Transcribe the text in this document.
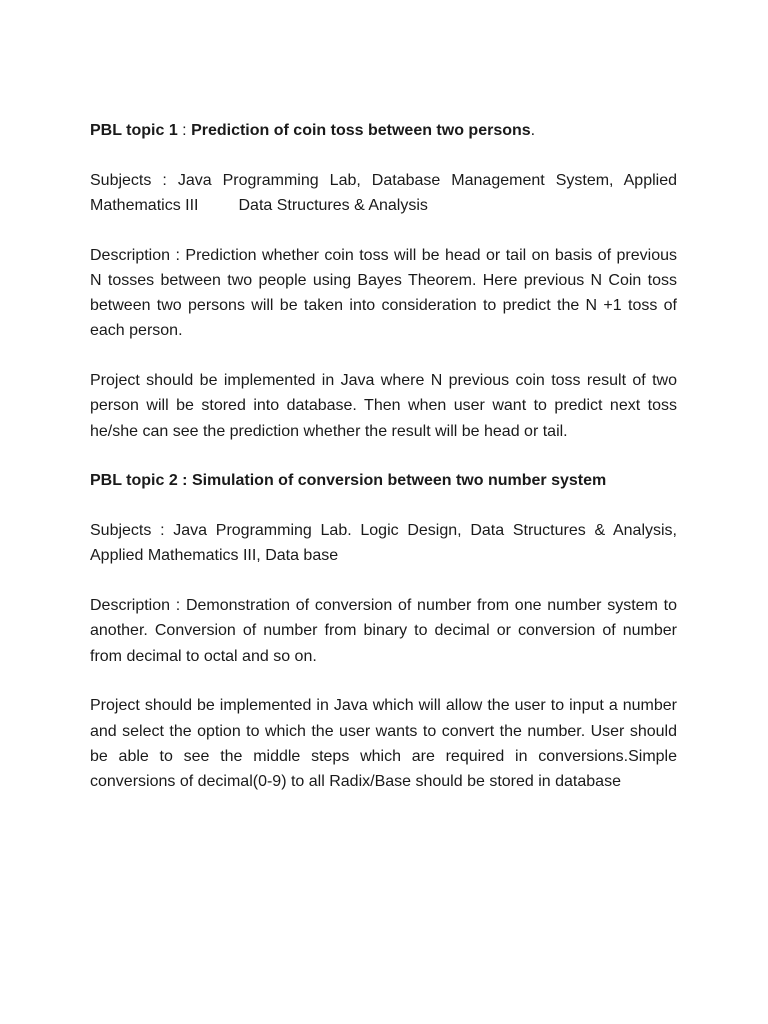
PBL topic 1 : Prediction of coin toss between two persons.

Subjects : Java Programming Lab, Database Management System, Applied Mathematics III	Data Structures & Analysis

Description : Prediction whether coin toss will be head or tail on basis of previous N tosses between two people using Bayes Theorem. Here previous N Coin toss between two persons will be taken into consideration to predict the N +1 toss of each person.

Project should be implemented in Java where N previous coin toss result of two person will be stored into database. Then when user want to predict next toss he/she can see the prediction whether the result will be head or tail.

PBL topic 2 : Simulation of conversion between two number system

Subjects : Java Programming Lab. Logic Design, Data Structures & Analysis, Applied Mathematics III, Data base

Description : Demonstration of conversion of number from one number system to another. Conversion of number from binary to decimal or conversion of number from decimal to octal and so on.

Project should be implemented in Java which will allow the user to input a number and select the option to which the user wants to convert the number. User should be able to see the middle steps which are required in conversions.Simple conversions of decimal(0-9) to all Radix/Base should be stored in database
